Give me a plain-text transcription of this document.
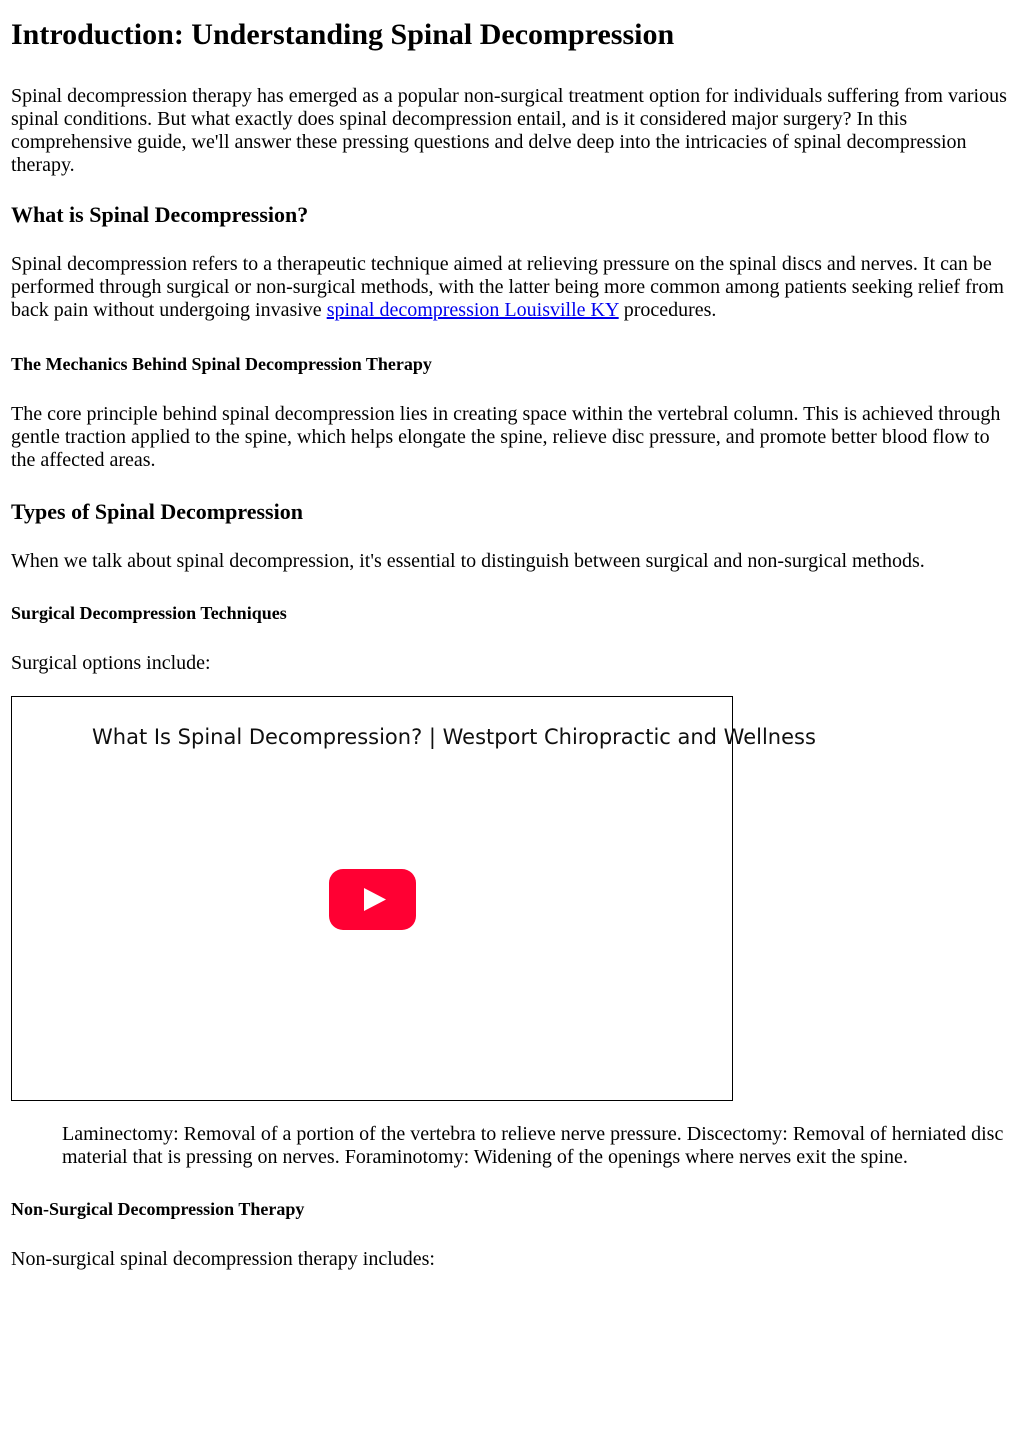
Introduction: Understanding Spinal Decompression

Spinal decompression therapy has emerged as a popular non-surgical treatment option for individuals suffering from various spinal conditions. But what exactly does spinal decompression entail, and is it considered major surgery? In this comprehensive guide, we'll answer these pressing questions and delve deep into the intricacies of spinal decompression therapy.

What is Spinal Decompression?

Spinal decompression refers to a therapeutic technique aimed at relieving pressure on the spinal discs and nerves. It can be performed through surgical or non-surgical methods, with the latter being more common among patients seeking relief from back pain without undergoing invasive spinal decompression Louisville KY procedures.

The Mechanics Behind Spinal Decompression Therapy

The core principle behind spinal decompression lies in creating space within the vertebral column. This is achieved through gentle traction applied to the spine, which helps elongate the spine, relieve disc pressure, and promote better blood flow to the affected areas.

Types of Spinal Decompression

When we talk about spinal decompression, it's essential to distinguish between surgical and non-surgical methods.

Surgical Decompression Techniques

Surgical options include:

What Is Spinal Decompression? | Westport Chiropractic and Wellness

Laminectomy: Removal of a portion of the vertebra to relieve nerve pressure. Discectomy: Removal of herniated disc material that is pressing on nerves. Foraminotomy: Widening of the openings where nerves exit the spine.

Non-Surgical Decompression Therapy

Non-surgical spinal decompression therapy includes:
